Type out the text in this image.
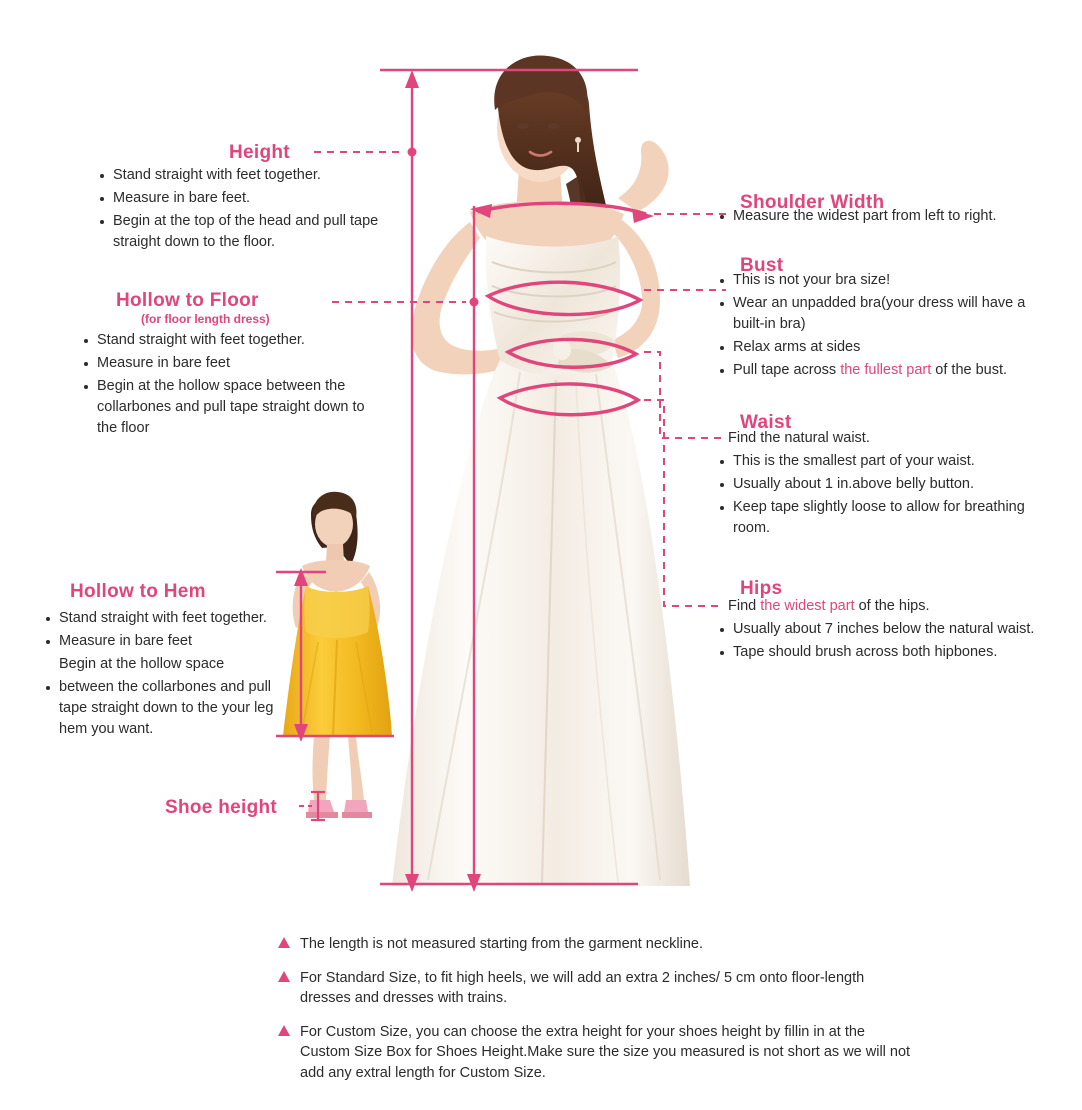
Height
Stand straight with feet together.
Measure in bare feet.
Begin at the top of the head and pull tape straight down to the floor.
Hollow to Floor
(for floor length dress)
Stand straight with feet together.
Measure in bare feet
Begin at the hollow space between the collarbones and pull tape straight down to the floor
Hollow to Hem
Stand straight with feet together.
Measure in bare feet
Begin at the hollow space
between the collarbones and pull tape straight down to the your leg hem you want.
Shoe height
Shoulder Width
Measure the widest part from left to right.
Bust
This is not your bra size!
Wear an unpadded bra(your dress will have a built-in bra)
Relax arms at sides
Pull tape across the fullest part of the bust.
Waist
Find the natural waist.
This is the smallest part of your waist.
Usually about 1 in.above belly button.
Keep tape slightly loose to allow for breathing room.
Hips
Find the widest part of the hips.
Usually about 7 inches below the natural waist.
Tape should brush across both hipbones.
The length is not measured starting from the garment neckline.
For Standard Size, to fit high heels, we will add an extra 2 inches/ 5 cm onto floor-length dresses and dresses with trains.
For Custom Size, you can choose the extra height for your shoes height by fillin in at the Custom Size Box for Shoes Height.Make sure the size you measured is not short as we will not add any extral length for Custom Size.
